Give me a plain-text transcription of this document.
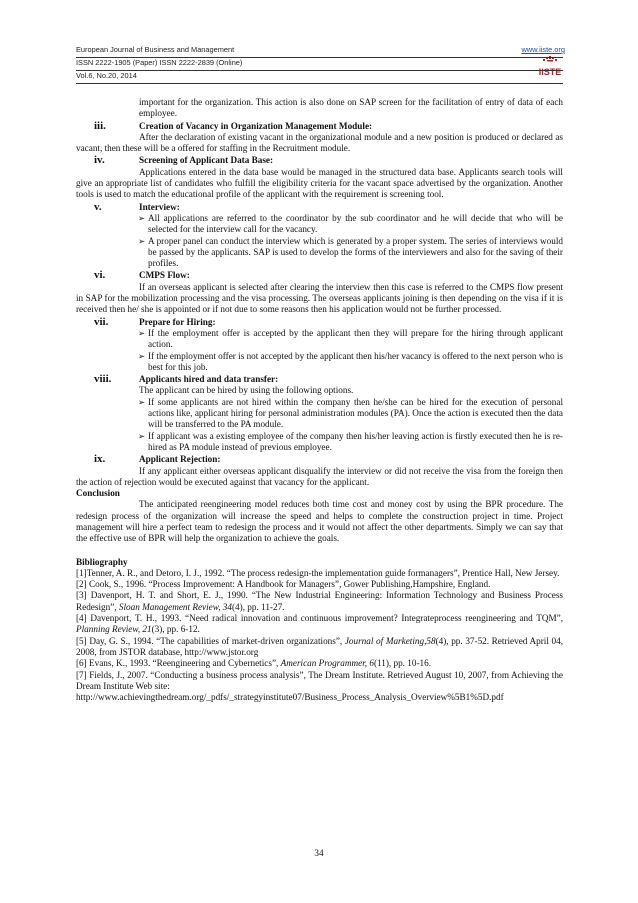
European Journal of Business and Management
ISSN 2222-1905 (Paper) ISSN 2222-2839 (Online)
Vol.6, No.20, 2014
www.iiste.org
IISTE

important for the organization. This action is also done on SAP screen for the facilitation of entry of data of each employee.

iii.	Creation of Vacancy in Organization Management Module:

After the declaration of existing vacant in the organizational module and a new position is produced or declared as vacant, then these will be a offered for staffing in the Recruitment module.

iv.	Screening of Applicant Data Base:

Applications entered in the data base would be managed in the structured data base. Applicants search tools will give an appropriate list of candidates who fulfill the eligibility criteria for the vacant space advertised by the organization. Another tools is used to match the educational profile of the applicant with the requirement is screening tool.

v.	Interview:
➢ All applications are referred to the coordinator by the sub coordinator and he will decide that who will be selected for the interview call for the vacancy.
➢ A proper panel can conduct the interview which is generated by a proper system. The series of interviews would be passed by the applicants. SAP is used to develop the forms of the interviewers and also for the saving of their profiles.
vi.	CMPS Flow:

If an overseas applicant is selected after clearing the interview then this case is referred to the CMPS flow present in SAP for the mobilization processing and the visa processing. The overseas applicants joining is then depending on the visa if it is received then he/ she is appointed or if not due to some reasons then his application would not be further processed.

vii.	Prepare for Hiring:
➢ If the employment offer is accepted by the applicant then they will prepare for the hiring through applicant action.
➢ If the employment offer is not accepted by the applicant then his/her vacancy is offered to the next person who is best for this job.
viii.	Applicants hired and data transfer:

The applicant can be hired by using the following options.

➢ If some applicants are not hired within the company then he/she can be hired for the execution of personal actions like, applicant hiring for personal administration modules (PA). Once the action is executed then the data will be transferred to the PA module.
➢ If applicant was a existing employee of the company then his/her leaving action is firstly executed then he is re-hired as PA module instead of previous employee.
ix.	Applicant Rejection:

If any applicant either overseas applicant disqualify the interview or did not receive the visa from the foreign then the action of rejection would be executed against that vacancy for the applicant.

Conclusion

The anticipated reengineering model reduces both time cost and money cost by using the BPR procedure. The redesign process of the organization will increase the speed and helps to complete the construction project in time. Project management will hire a perfect team to redesign the process and it would not affect the other departments. Simply we can say that the effective use of BPR will help the organization to achieve the goals.

Bibliography

[1]Tenner, A. R., and Detoro, I. J., 1992. “The process redesign-the implementation guide formanagers”, Prentice Hall, New Jersey.

[2] Cook, S., 1996. “Process Improvement: A Handbook for Managers”, Gower Publishing,Hampshire, England.

[3] Davenport, H. T. and Short, E. J., 1990. “The New Industrial Engineering: Information Technology and Business Process Redesign”, Sloan Management Review, 34(4), pp. 11-27.

[4] Davenport, T. H., 1993. “Need radical innovation and continuous improvement? Integrateprocess reengineering and TQM”, Planning Review, 21(3), pp. 6-12.

[5] Day, G. S., 1994. “The capabilities of market-driven organizations”, Journal of Marketing,58(4), pp. 37-52. Retrieved April 04, 2008, from JSTOR database, http://www.jstor.org

[6] Evans, K., 1993. “Reengineering and Cybernetics”, American Programmer, 6(11), pp. 10-16.

[7] Fields, J., 2007. “Conducting a business process analysis”, The Dream Institute. Retrieved August 10, 2007, from Achieving the Dream Institute Web site:

http://www.achievingthedream.org/_pdfs/_strategyinstitute07/Business_Process_Analysis_Overview%5B1%5D.pdf

34
